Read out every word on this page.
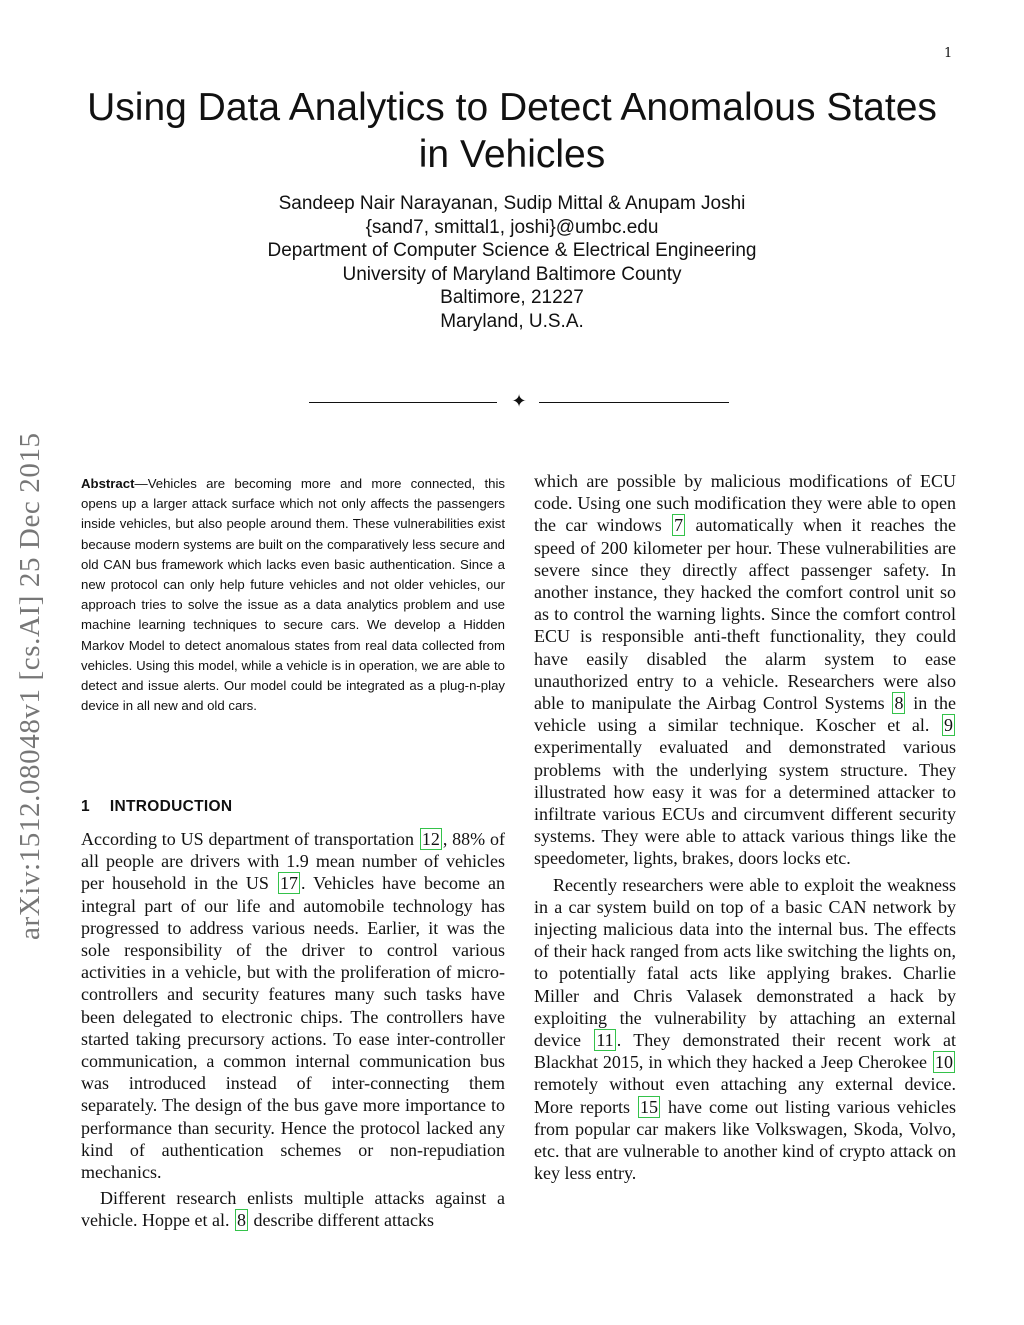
1
arXiv:1512.08048v1 [cs.AI] 25 Dec 2015
Using Data Analytics to Detect Anomalous States
in Vehicles
Sandeep Nair Narayanan, Sudip Mittal & Anupam Joshi
{sand7, smittal1, joshi}@umbc.edu
Department of Computer Science & Electrical Engineering
University of Maryland Baltimore County
Baltimore, 21227
Maryland, U.S.A.
✦
Abstract—Vehicles are becoming more and more connected, this opens up a larger attack surface which not only affects the passengers inside vehicles, but also people around them. These vulnerabilities exist because modern systems are built on the comparatively less secure and old CAN bus framework which lacks even basic authentication. Since a new protocol can only help future vehicles and not older vehicles, our approach tries to solve the issue as a data analytics problem and use machine learning techniques to secure cars. We develop a Hidden Markov Model to detect anomalous states from real data collected from vehicles. Using this model, while a vehicle is in operation, we are able to detect and issue alerts. Our model could be integrated as a plug-n-play device in all new and old cars.
1 INTRODUCTION

According to US department of transportation 12 , 88% of all people are drivers with 1.9 mean number of vehicles per household in the US 17 . Vehicles have become an integral part of our life and automobile technology has progressed to address various needs. Earlier, it was the sole responsibility of the driver to control various activities in a vehicle, but with the proliferation of micro-controllers and security features many such tasks have been delegated to electronic chips. The controllers have started taking precursory actions. To ease inter-controller communication, a common internal communication bus was introduced instead of inter-connecting them separately. The design of the bus gave more importance to performance than security. Hence the protocol lacked any kind of authentication schemes or non-repudiation mechanics.

Different research enlists multiple attacks against a vehicle. Hoppe et al. 8 describe different attacks

which are possible by malicious modifications of ECU code. Using one such modification they were able to open the car windows 7 automatically when it reaches the speed of 200 kilometer per hour. These vulnerabilities are severe since they directly affect passenger safety. In another instance, they hacked the comfort control unit so as to control the warning lights. Since the comfort control ECU is responsible anti-theft functionality, they could have easily disabled the alarm system to ease unauthorized entry to a vehicle. Researchers were also able to manipulate the Airbag Control Systems 8 in the vehicle using a similar technique. Koscher et al. 9 experimentally evaluated and demonstrated various problems with the underlying system structure. They illustrated how easy it was for a determined attacker to infiltrate various ECUs and circumvent different security systems. They were able to attack various things like the speedometer, lights, brakes, doors locks etc.

Recently researchers were able to exploit the weakness in a car system build on top of a basic CAN network by injecting malicious data into the internal bus. The effects of their hack ranged from acts like switching the lights on, to potentially fatal acts like applying brakes. Charlie Miller and Chris Valasek demonstrated a hack by exploiting the vulnerability by attaching an external device 11 . They demonstrated their recent work at Blackhat 2015, in which they hacked a Jeep Cherokee 10 remotely without even attaching any external device. More reports 15 have come out listing various vehicles from popular car makers like Volkswagen, Skoda, Volvo, etc. that are vulnerable to another kind of crypto attack on key less entry.
